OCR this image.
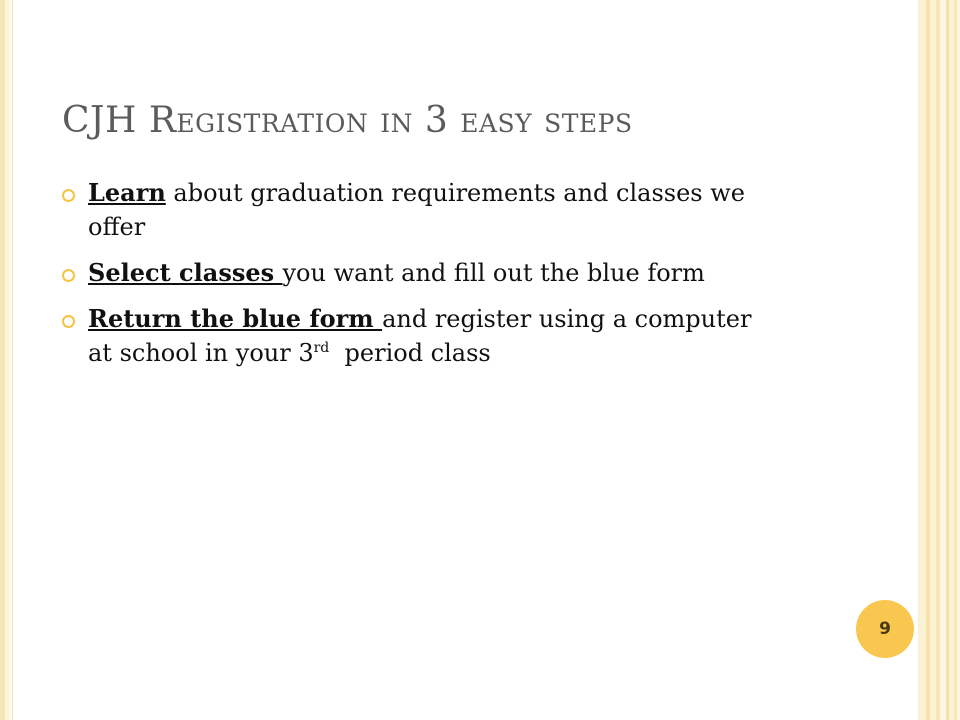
CJH Registration in 3 easy steps
Learn about graduation requirements and classes we offer
Select classes you want and fill out the blue form
Return the blue form and register using a computer at school in your 3rd  period class
9
